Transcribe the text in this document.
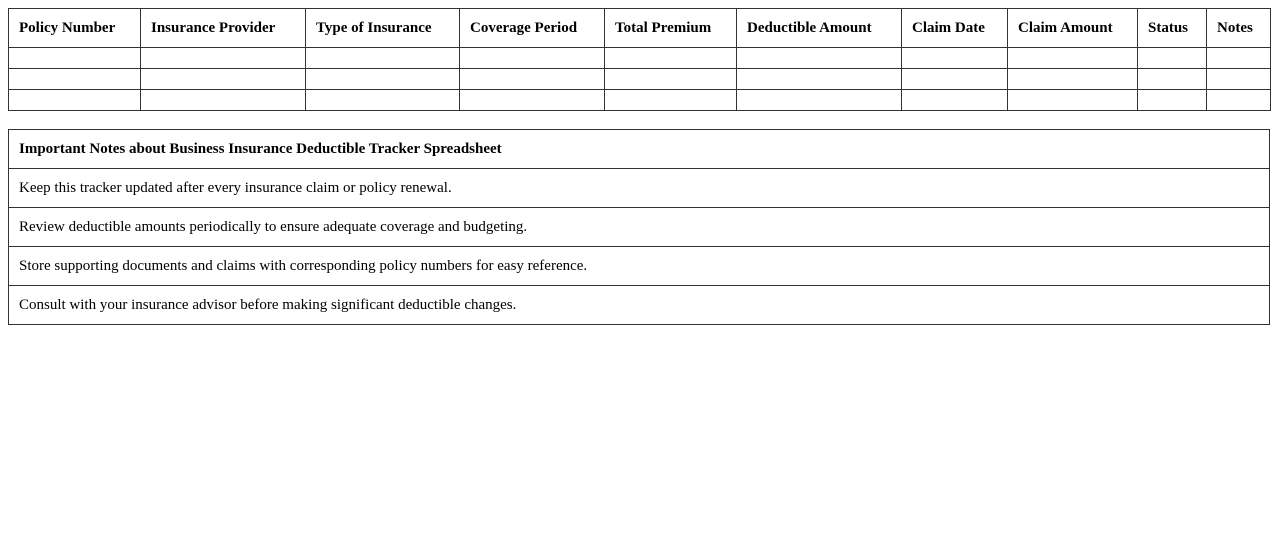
Policy Number	Insurance Provider	Type of Insurance	Coverage Period	Total Premium	Deductible Amount	Claim Date	Claim Amount	Status	Notes

Important Notes about Business Insurance Deductible Tracker Spreadsheet
Keep this tracker updated after every insurance claim or policy renewal.
Review deductible amounts periodically to ensure adequate coverage and budgeting.
Store supporting documents and claims with corresponding policy numbers for easy reference.
Consult with your insurance advisor before making significant deductible changes.
